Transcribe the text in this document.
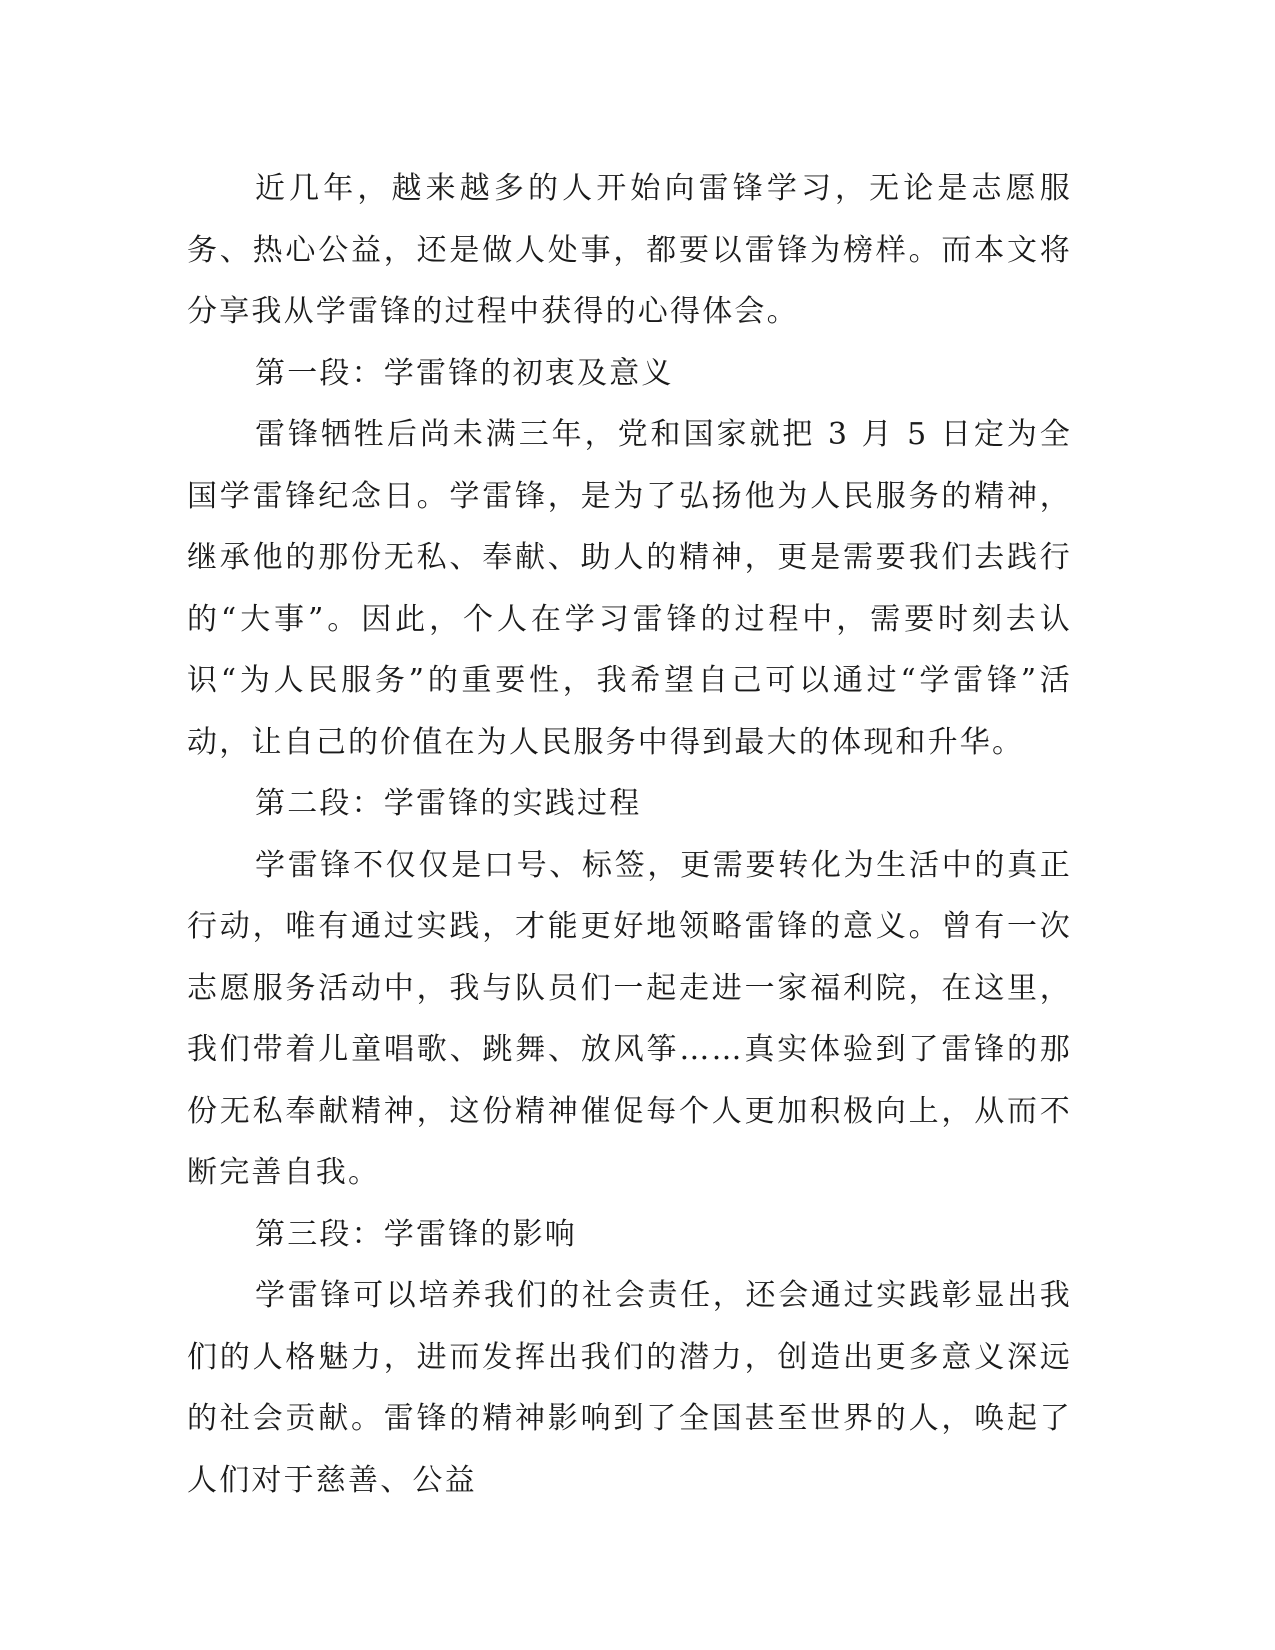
近几年，越来越多的人开始向雷锋学习，无论是志愿服务、热心公益，还是做人处事，都要以雷锋为榜样。而本文将分享我从学雷锋的过程中获得的心得体会。

第一段：学雷锋的初衷及意义

雷锋牺牲后尚未满三年，党和国家就把 3 月 5 日定为全国学雷锋纪念日。学雷锋，是为了弘扬他为人民服务的精神，继承他的那份无私、奉献、助人的精神，更是需要我们去践行的“大事”。因此，个人在学习雷锋的过程中，需要时刻去认识“为人民服务”的重要性，我希望自己可以通过“学雷锋”活动，让自己的价值在为人民服务中得到最大的体现和升华。

第二段：学雷锋的实践过程

学雷锋不仅仅是口号、标签，更需要转化为生活中的真正行动，唯有通过实践，才能更好地领略雷锋的意义。曾有一次志愿服务活动中，我与队员们一起走进一家福利院，在这里，我们带着儿童唱歌、跳舞、放风筝……真实体验到了雷锋的那份无私奉献精神，这份精神催促每个人更加积极向上，从而不断完善自我。

第三段：学雷锋的影响

学雷锋可以培养我们的社会责任，还会通过实践彰显出我们的人格魅力，进而发挥出我们的潜力，创造出更多意义深远的社会贡献。雷锋的精神影响到了全国甚至世界的人，唤起了人们对于慈善、公益
